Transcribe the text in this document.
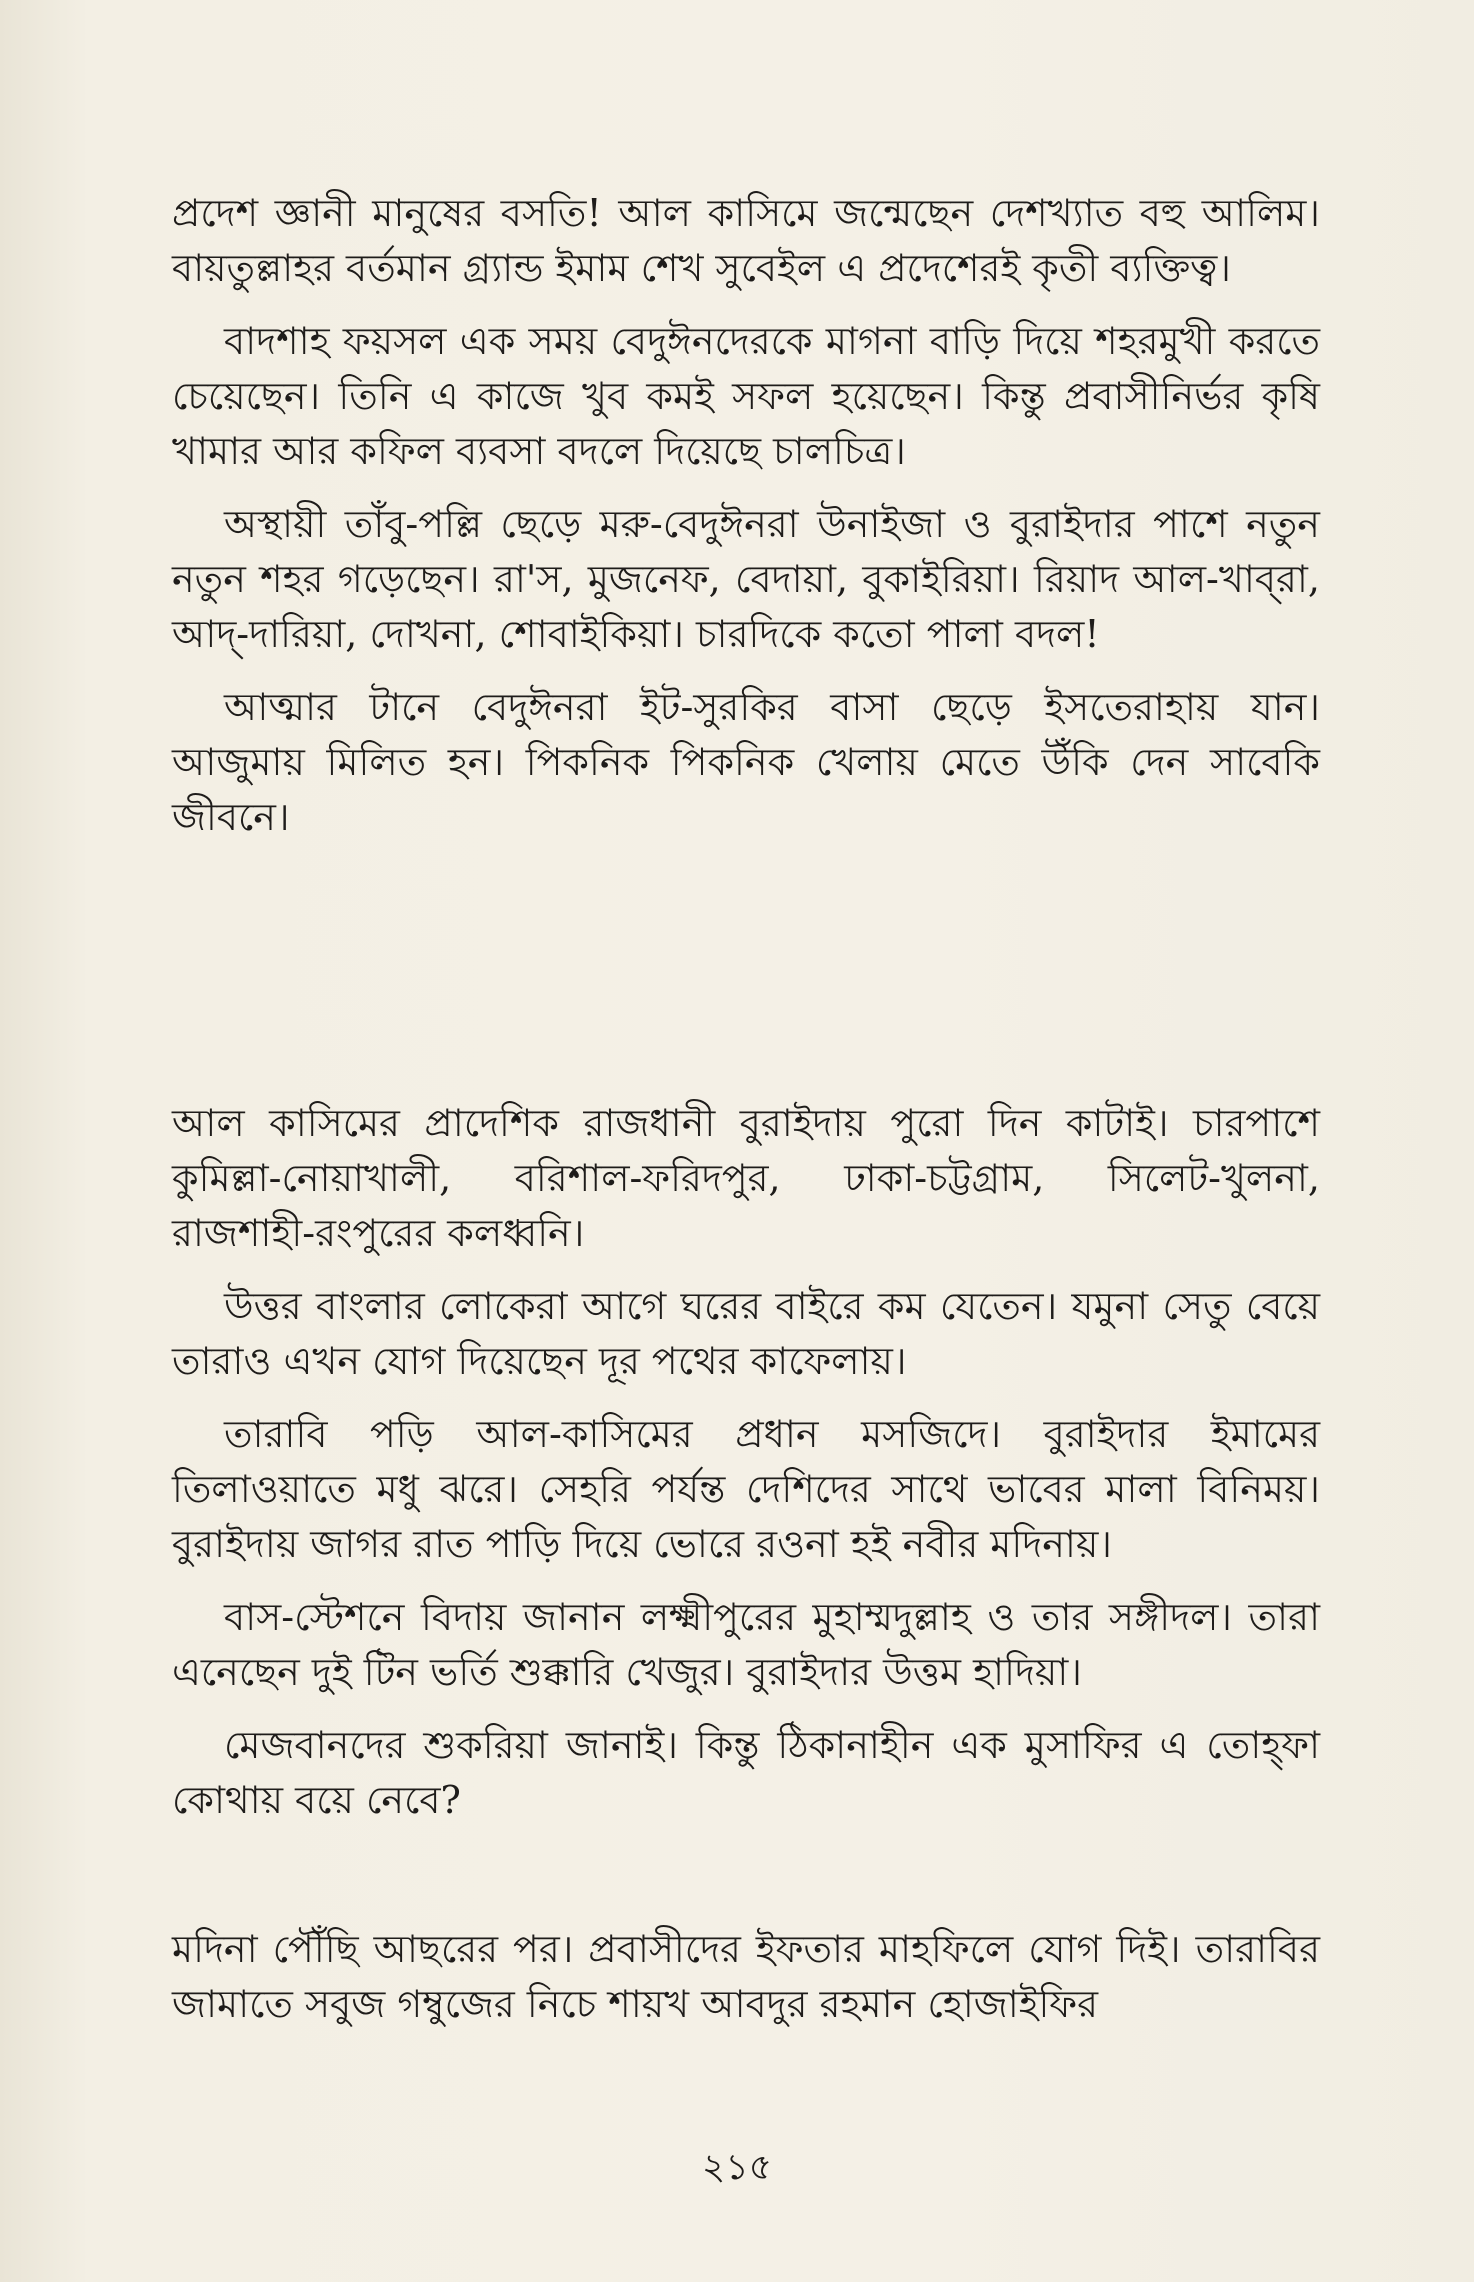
প্রদেশ জ্ঞানী মানুষের বসতি! আল কাসিমে জন্মেছেন দেশখ্যাত বহু আলিম। বায়তুল্লাহর বর্তমান গ্র্যান্ড ইমাম শেখ সুবেইল এ প্রদেশেরই কৃতী ব্যক্তিত্ব।

বাদশাহ ফয়সল এক সময় বেদুঈনদেরকে মাগনা বাড়ি দিয়ে শহরমুখী করতে চেয়েছেন। তিনি এ কাজে খুব কমই সফল হয়েছেন। কিন্তু প্রবাসীনির্ভর কৃষি খামার আর কফিল ব্যবসা বদলে দিয়েছে চালচিত্র।

অস্থায়ী তাঁবু-পল্লি ছেড়ে মরু-বেদুঈনরা উনাইজা ও বুরাইদার পাশে নতুন নতুন শহর গড়েছেন। রা'স, মুজনেফ, বেদায়া, বুকাইরিয়া। রিয়াদ আল-খাব্‌রা, আদ্‌-দারিয়া, দোখনা, শোবাইকিয়া। চারদিকে কতো পালা বদল!

আত্মার টানে বেদুঈনরা ইট-সুরকির বাসা ছেড়ে ইসতেরাহায় যান। আজুমায় মিলিত হন। পিকনিক পিকনিক খেলায় মেতে উঁকি দেন সাবেকি জীবনে।

আল কাসিমের প্রাদেশিক রাজধানী বুরাইদায় পুরো দিন কাটাই। চারপাশে কুমিল্লা-নোয়াখালী, বরিশাল-ফরিদপুর, ঢাকা-চট্টগ্রাম, সিলেট-খুলনা, রাজশাহী-রংপুরের কলধ্বনি।

উত্তর বাংলার লোকেরা আগে ঘরের বাইরে কম যেতেন। যমুনা সেতু বেয়ে তারাও এখন যোগ দিয়েছেন দূর পথের কাফেলায়।

তারাবি পড়ি আল-কাসিমের প্রধান মসজিদে। বুরাইদার ইমামের তিলাওয়াতে মধু ঝরে। সেহরি পর্যন্ত দেশিদের সাথে ভাবের মালা বিনিময়। বুরাইদায় জাগর রাত পাড়ি দিয়ে ভোরে রওনা হই নবীর মদিনায়।

বাস-স্টেশনে বিদায় জানান লক্ষ্মীপুরের মুহাম্মদুল্লাহ ও তার সঙ্গীদল। তারা এনেছেন দুই টিন ভর্তি শুক্কারি খেজুর। বুরাইদার উত্তম হাদিয়া।

মেজবানদের শুকরিয়া জানাই। কিন্তু ঠিকানাহীন এক মুসাফির এ তোহ্‌ফা কোথায় বয়ে নেবে?

মদিনা পৌঁছি আছরের পর। প্রবাসীদের ইফতার মাহফিলে যোগ দিই। তারাবির জামাতে সবুজ গম্বুজের নিচে শায়খ আবদুর রহমান হোজাইফির

২১৫
